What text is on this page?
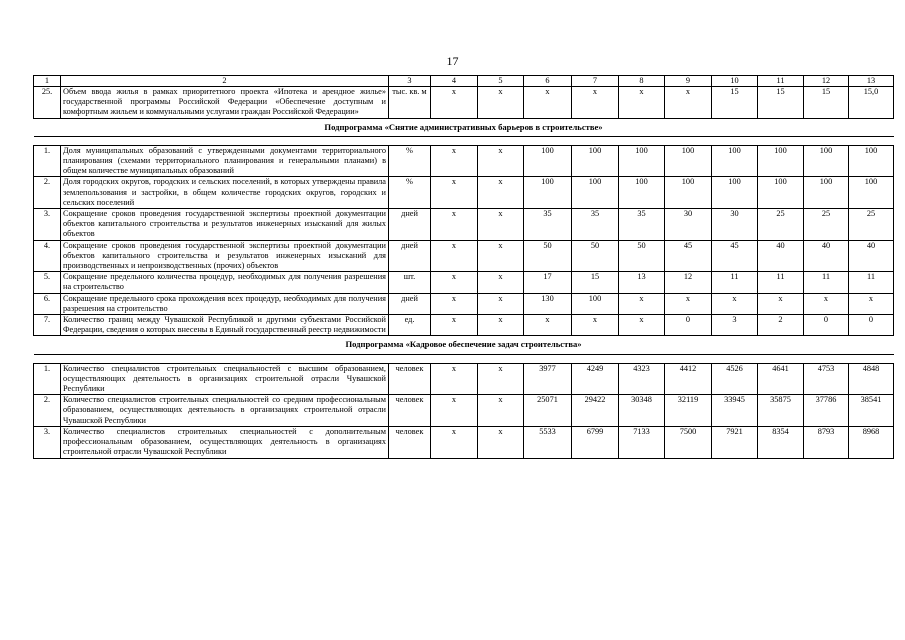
17
1	2	3	4	5	6	7	8	9	10	11	12	13
25.	Объем ввода жилья в рамках приоритетного проекта «Ипотека и арендное жилье» государственной программы Российской Федерации «Обеспечение доступным и комфортным жильем и коммунальными услугами граждан Российской Федерации»	тыс. кв. м	x	x	x	x	x	x	15	15	15	15,0
Подпрограмма «Снятие административных барьеров в строительстве»												

1.	Доля муниципальных образований с утвержденными документами территориального планирования (схемами территориального планирования и генеральными планами) в общем количестве муниципальных образований	%	x	x	100	100	100	100	100	100	100	100
2.	Доля городских округов, городских и сельских поселений, в которых утверждены правила землепользования и застройки, в общем количестве городских округов, городских и сельских поселений	%	x	x	100	100	100	100	100	100	100	100
3.	Сокращение сроков проведения государственной экспертизы проектной документации объектов капитального строительства и результатов инженерных изысканий для жилых объектов	дней	x	x	35	35	35	30	30	25	25	25
4.	Сокращение сроков проведения государственной экспертизы проектной документации объектов капитального строительства и результатов инженерных изысканий для производственных и непроизводственных (прочих) объектов	дней	x	x	50	50	50	45	45	40	40	40
5.	Сокращение предельного количества процедур, необходимых для получения разрешения на строительство	шт.	x	x	17	15	13	12	11	11	11	11
6.	Сокращение предельного срока прохождения всех процедур, необходимых для получения разрешения на строительство	дней	x	x	130	100	x	x	x	x	x	x
7.	Количество границ между Чувашской Республикой и другими субъектами Российской Федерации, сведения о которых внесены в Единый государственный реестр недвижимости	ед.	x	x	x	x	x	0	3	2	0	0
Подпрограмма «Кадровое обеспечение задач строительства»												

1.	Количество специалистов строительных специальностей с высшим образованием, осуществляющих деятельность в организациях строительной отрасли Чувашской Республики	человек	x	x	3977	4249	4323	4412	4526	4641	4753	4848
2.	Количество специалистов строительных специальностей со средним профессиональным образованием, осуществляющих деятельность в организациях строительной отрасли Чувашской Республики	человек	x	x	25071	29422	30348	32119	33945	35875	37786	38541
3.	Количество специалистов строительных специальностей с дополнительным профессиональным образованием, осуществляющих деятельность в организациях строительной отрасли Чувашской Республики	человек	x	x	5533	6799	7133	7500	7921	8354	8793	8968
